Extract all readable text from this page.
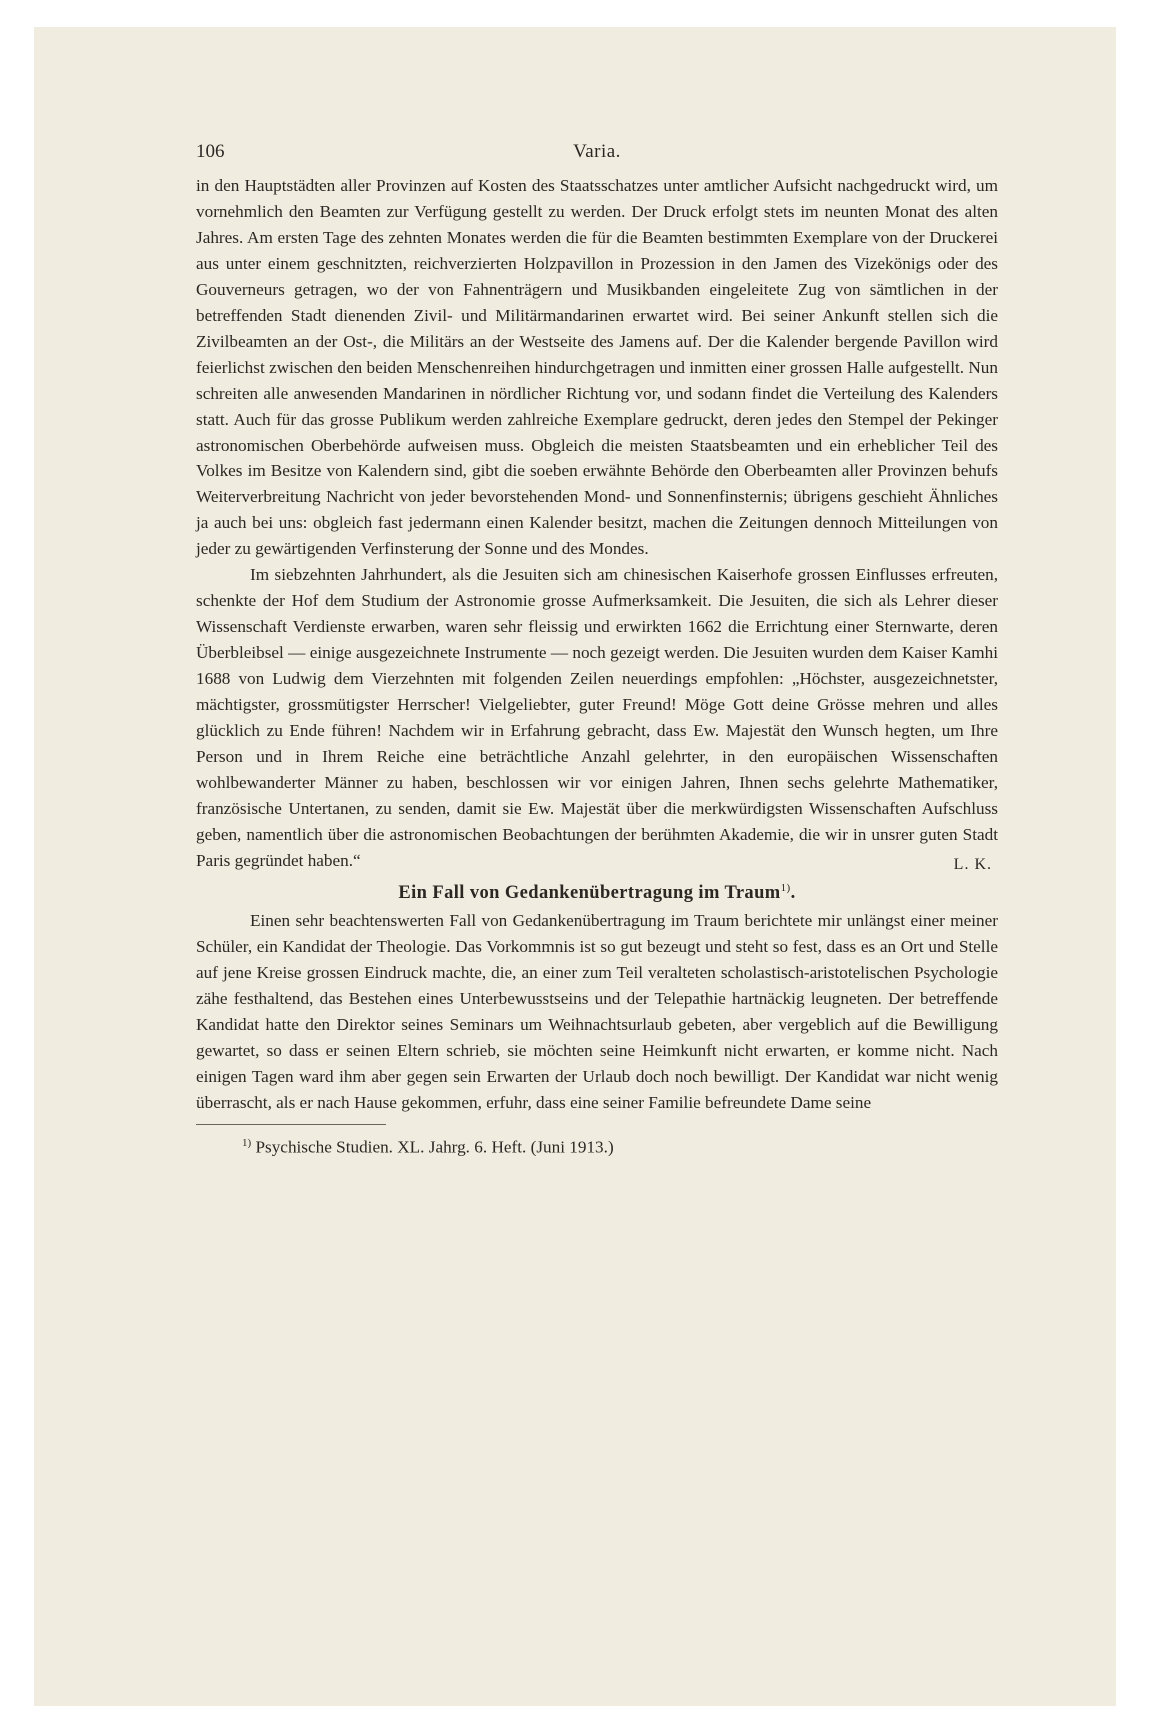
106	Varia.

in den Hauptstädten aller Provinzen auf Kosten des Staatsschatzes unter amtlicher Aufsicht nachgedruckt wird, um vornehmlich den Beamten zur Verfügung gestellt zu werden. Der Druck erfolgt stets im neunten Monat des alten Jahres. Am ersten Tage des zehnten Monates werden die für die Beamten bestimmten Exemplare von der Druckerei aus unter einem geschnitzten, reichverzierten Holzpavillon in Prozession in den Jamen des Vizekönigs oder des Gouverneurs getragen, wo der von Fahnenträgern und Musikbanden eingeleitete Zug von sämtlichen in der betreffenden Stadt dienenden Zivil- und Militärmandarinen erwartet wird. Bei seiner Ankunft stellen sich die Zivilbeamten an der Ost-, die Militärs an der Westseite des Jamens auf. Der die Kalender bergende Pavillon wird feierlichst zwischen den beiden Menschenreihen hindurchgetragen und inmitten einer grossen Halle aufgestellt. Nun schreiten alle anwesenden Mandarinen in nördlicher Richtung vor, und sodann findet die Verteilung des Kalenders statt. Auch für das grosse Publikum werden zahlreiche Exemplare gedruckt, deren jedes den Stempel der Pekinger astronomischen Oberbehörde aufweisen muss. Obgleich die meisten Staatsbeamten und ein erheblicher Teil des Volkes im Besitze von Kalendern sind, gibt die soeben erwähnte Behörde den Oberbeamten aller Provinzen behufs Weiterverbreitung Nachricht von jeder bevorstehenden Mond- und Sonnenfinsternis; übrigens geschieht Ähnliches ja auch bei uns: obgleich fast jedermann einen Kalender besitzt, machen die Zeitungen dennoch Mitteilungen von jeder zu gewärtigenden Verfinsterung der Sonne und des Mondes.

Im siebzehnten Jahrhundert, als die Jesuiten sich am chinesischen Kaiserhofe grossen Einflusses erfreuten, schenkte der Hof dem Studium der Astronomie grosse Aufmerksamkeit. Die Jesuiten, die sich als Lehrer dieser Wissenschaft Verdienste erwarben, waren sehr fleissig und erwirkten 1662 die Errichtung einer Sternwarte, deren Überbleibsel — einige ausgezeichnete Instrumente — noch gezeigt werden. Die Jesuiten wurden dem Kaiser Kamhi 1688 von Ludwig dem Vierzehnten mit folgenden Zeilen neuerdings empfohlen: „Höchster, ausgezeichnetster, mächtigster, grossmütigster Herrscher! Vielgeliebter, guter Freund! Möge Gott deine Grösse mehren und alles glücklich zu Ende führen! Nachdem wir in Erfahrung gebracht, dass Ew. Majestät den Wunsch hegten, um Ihre Person und in Ihrem Reiche eine beträchtliche Anzahl gelehrter, in den europäischen Wissenschaften wohlbewanderter Männer zu haben, beschlossen wir vor einigen Jahren, Ihnen sechs gelehrte Mathematiker, französische Untertanen, zu senden, damit sie Ew. Majestät über die merkwürdigsten Wissenschaften Aufschluss geben, namentlich über die astronomischen Beobachtungen der berühmten Akademie, die wir in unsrer guten Stadt Paris gegründet haben.“	L. K.
Ein Fall von Gedankenübertragung im Traum$^{1)}$.

Einen sehr beachtenswerten Fall von Gedankenübertragung im Traum berichtete mir unlängst einer meiner Schüler, ein Kandidat der Theologie. Das Vorkommnis ist so gut bezeugt und steht so fest, dass es an Ort und Stelle auf jene Kreise grossen Eindruck machte, die, an einer zum Teil veralteten scholastisch-aristotelischen Psychologie zähe festhaltend, das Bestehen eines Unterbewusstseins und der Telepathie hartnäckig leugneten. Der betreffende Kandidat hatte den Direktor seines Seminars um Weihnachtsurlaub gebeten, aber vergeblich auf die Bewilligung gewartet, so dass er seinen Eltern schrieb, sie möchten seine Heimkunft nicht erwarten, er komme nicht. Nach einigen Tagen ward ihm aber gegen sein Erwarten der Urlaub doch noch bewilligt. Der Kandidat war nicht wenig überrascht, als er nach Hause gekommen, erfuhr, dass eine seiner Familie befreundete Dame seine

$^{1)}$ Psychische Studien. XL. Jahrg. 6. Heft. (Juni 1913.)
